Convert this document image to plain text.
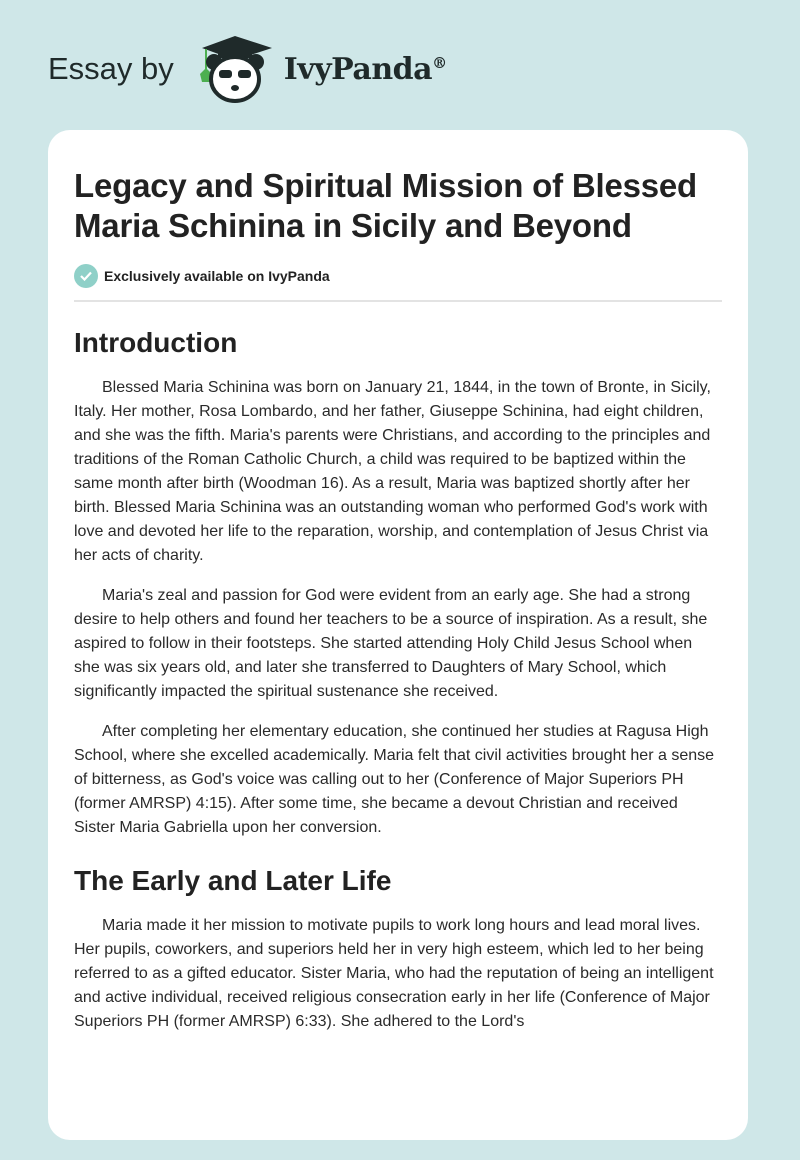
Essay by	IvyPanda®
Legacy and Spiritual Mission of Blessed Maria Schinina in Sicily and Beyond
Exclusively available on IvyPanda
Introduction

Blessed Maria Schinina was born on January 21, 1844, in the town of Bronte, in Sicily, Italy. Her mother, Rosa Lombardo, and her father, Giuseppe Schinina, had eight children, and she was the fifth. Maria's parents were Christians, and according to the principles and traditions of the Roman Catholic Church, a child was required to be baptized within the same month after birth (Woodman 16). As a result, Maria was baptized shortly after her birth. Blessed Maria Schinina was an outstanding woman who performed God's work with love and devoted her life to the reparation, worship, and contemplation of Jesus Christ via her acts of charity.

Maria's zeal and passion for God were evident from an early age. She had a strong desire to help others and found her teachers to be a source of inspiration. As a result, she aspired to follow in their footsteps. She started attending Holy Child Jesus School when she was six years old, and later she transferred to Daughters of Mary School, which significantly impacted the spiritual sustenance she received.

After completing her elementary education, she continued her studies at Ragusa High School, where she excelled academically. Maria felt that civil activities brought her a sense of bitterness, as God's voice was calling out to her (Conference of Major Superiors PH (former AMRSP) 4:15). After some time, she became a devout Christian and received Sister Maria Gabriella upon her conversion.

The Early and Later Life

Maria made it her mission to motivate pupils to work long hours and lead moral lives. Her pupils, coworkers, and superiors held her in very high esteem, which led to her being referred to as a gifted educator. Sister Maria, who had the reputation of being an intelligent and active individual, received religious consecration early in her life (Conference of Major Superiors PH (former AMRSP) 6:33). She adhered to the Lord's
